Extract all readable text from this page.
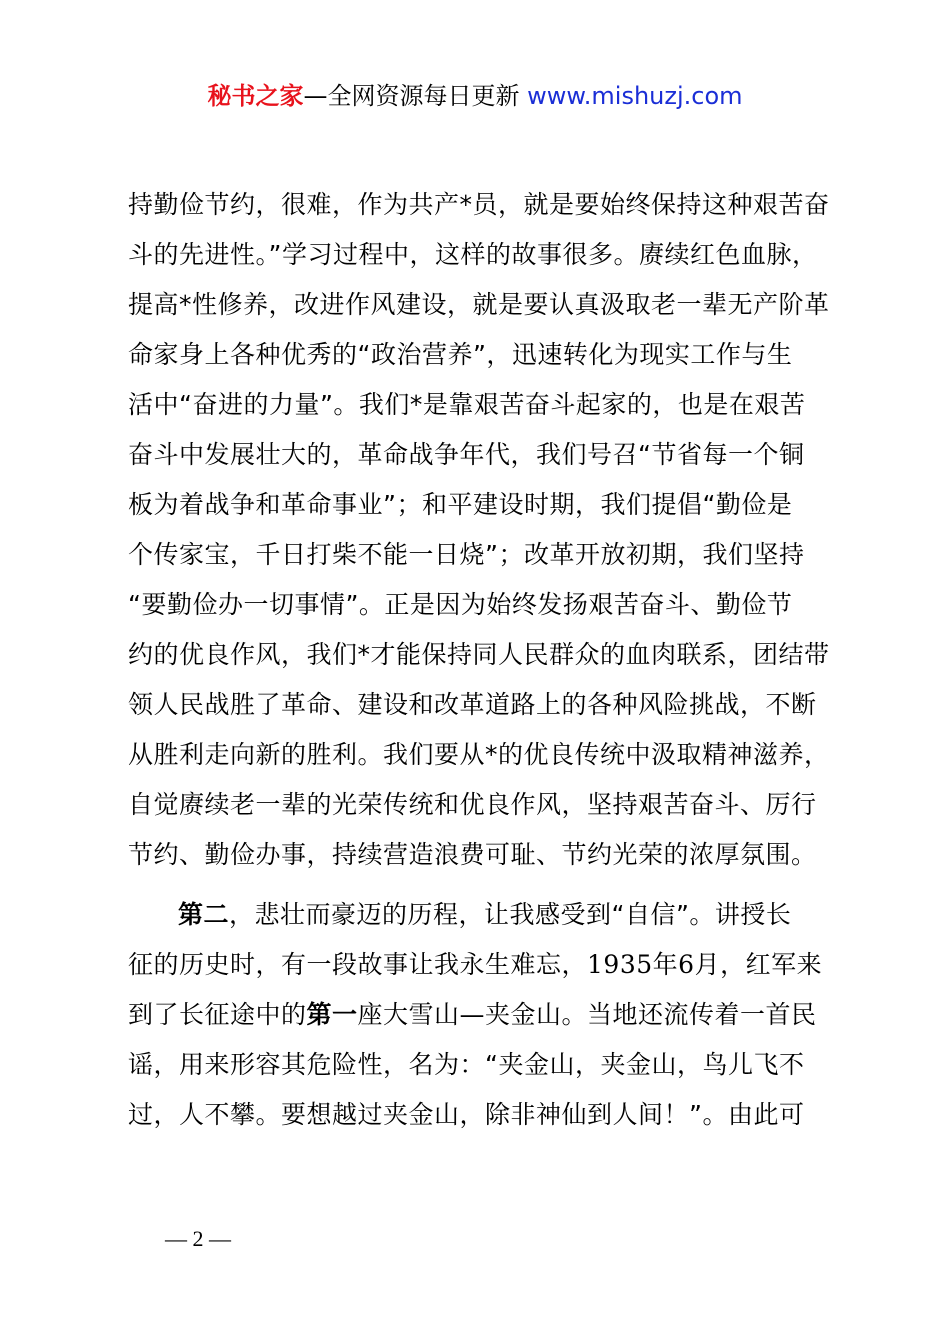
秘书之家—全网资源每日更新 www.mishuzj.com
持勤俭节约，很难，作为共产*员，就是要始终保持这种艰苦奋
斗的先进性。”学习过程中，这样的故事很多。赓续红色血脉，
提高*性修养，改进作风建设，就是要认真汲取老一辈无产阶革
命家身上各种优秀的“政治营养”，迅速转化为现实工作与生
活中“奋进的力量”。我们*是靠艰苦奋斗起家的，也是在艰苦
奋斗中发展壮大的，革命战争年代，我们号召“节省每一个铜
板为着战争和革命事业”；和平建设时期，我们提倡“勤俭是
个传家宝，千日打柴不能一日烧”；改革开放初期，我们坚持
“要勤俭办一切事情”。正是因为始终发扬艰苦奋斗、勤俭节
约的优良作风，我们*才能保持同人民群众的血肉联系，团结带
领人民战胜了革命、建设和改革道路上的各种风险挑战，不断
从胜利走向新的胜利。我们要从*的优良传统中汲取精神滋养，
自觉赓续老一辈的光荣传统和优良作风，坚持艰苦奋斗、厉行
节约、勤俭办事，持续营造浪费可耻、节约光荣的浓厚氛围。
第二，悲壮而豪迈的历程，让我感受到“自信”。讲授长
征的历史时，有一段故事让我永生难忘，1935年6月，红军来
到了长征途中的第一座大雪山—夹金山。当地还流传着一首民
谣，用来形容其危险性，名为：“夹金山，夹金山，鸟儿飞不
过，人不攀。要想越过夹金山，除非神仙到人间！”。由此可
— 2 —
